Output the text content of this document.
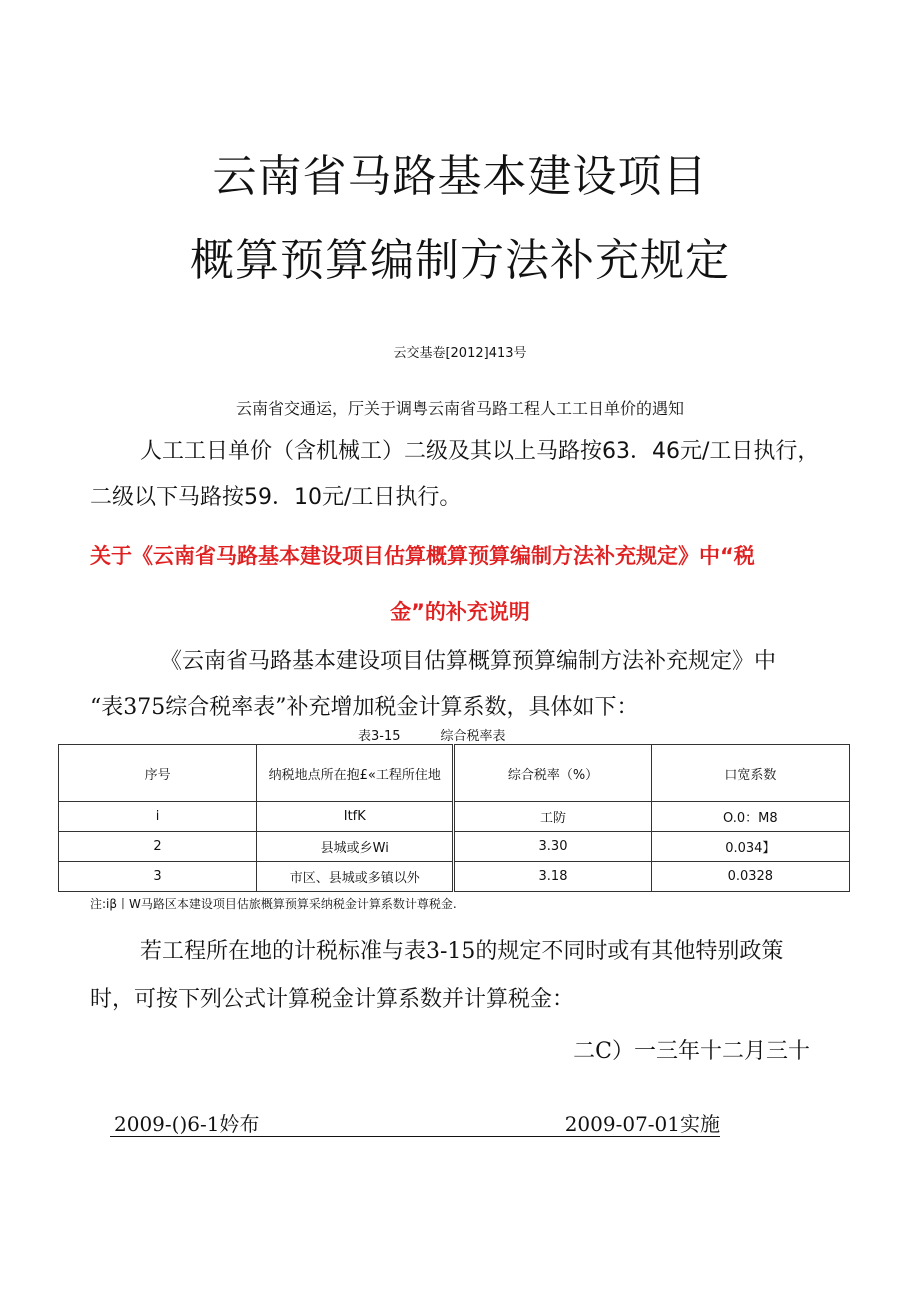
云南省马路基本建设项目
概算预算编制方法补充规定
云交基卷[2012]413号
云南省交通运，厅关于调粤云南省马路工程人工工日单价的遇知
人工工日单价（含机械工）二级及其以上马路按63．46元/工日执行，
二级以下马路按59．10元/工日执行。
关于《云南省马路基本建设项目估算概算预算编制方法补充规定》中“税
金”的补充说明
《云南省马路基本建设项目估算概算预算编制方法补充规定》中
“表375综合税率表”补充增加税金计算系数，具体如下：
表3-15	综合税率表
序号	纳税地点所在抱£«工程所住地	综合税率（%）	口宽系数
i	ItfK	工防	O.0：M8
2	县城或乡Wi	3.30	0.034】
3	市区、县城或多镇以外	3.18	0.0328
注:iβ丨W马路区本建设项目估旅概算预算采纳税金计算系数计尊税金.
若工程所在地的计税标准与表3-15的规定不同时或有其他特别政策
时，可按下列公式计算税金计算系数并计算税金：
二C）一三年十二月三十
2009-()6-1妗布	2009-07-01实施
